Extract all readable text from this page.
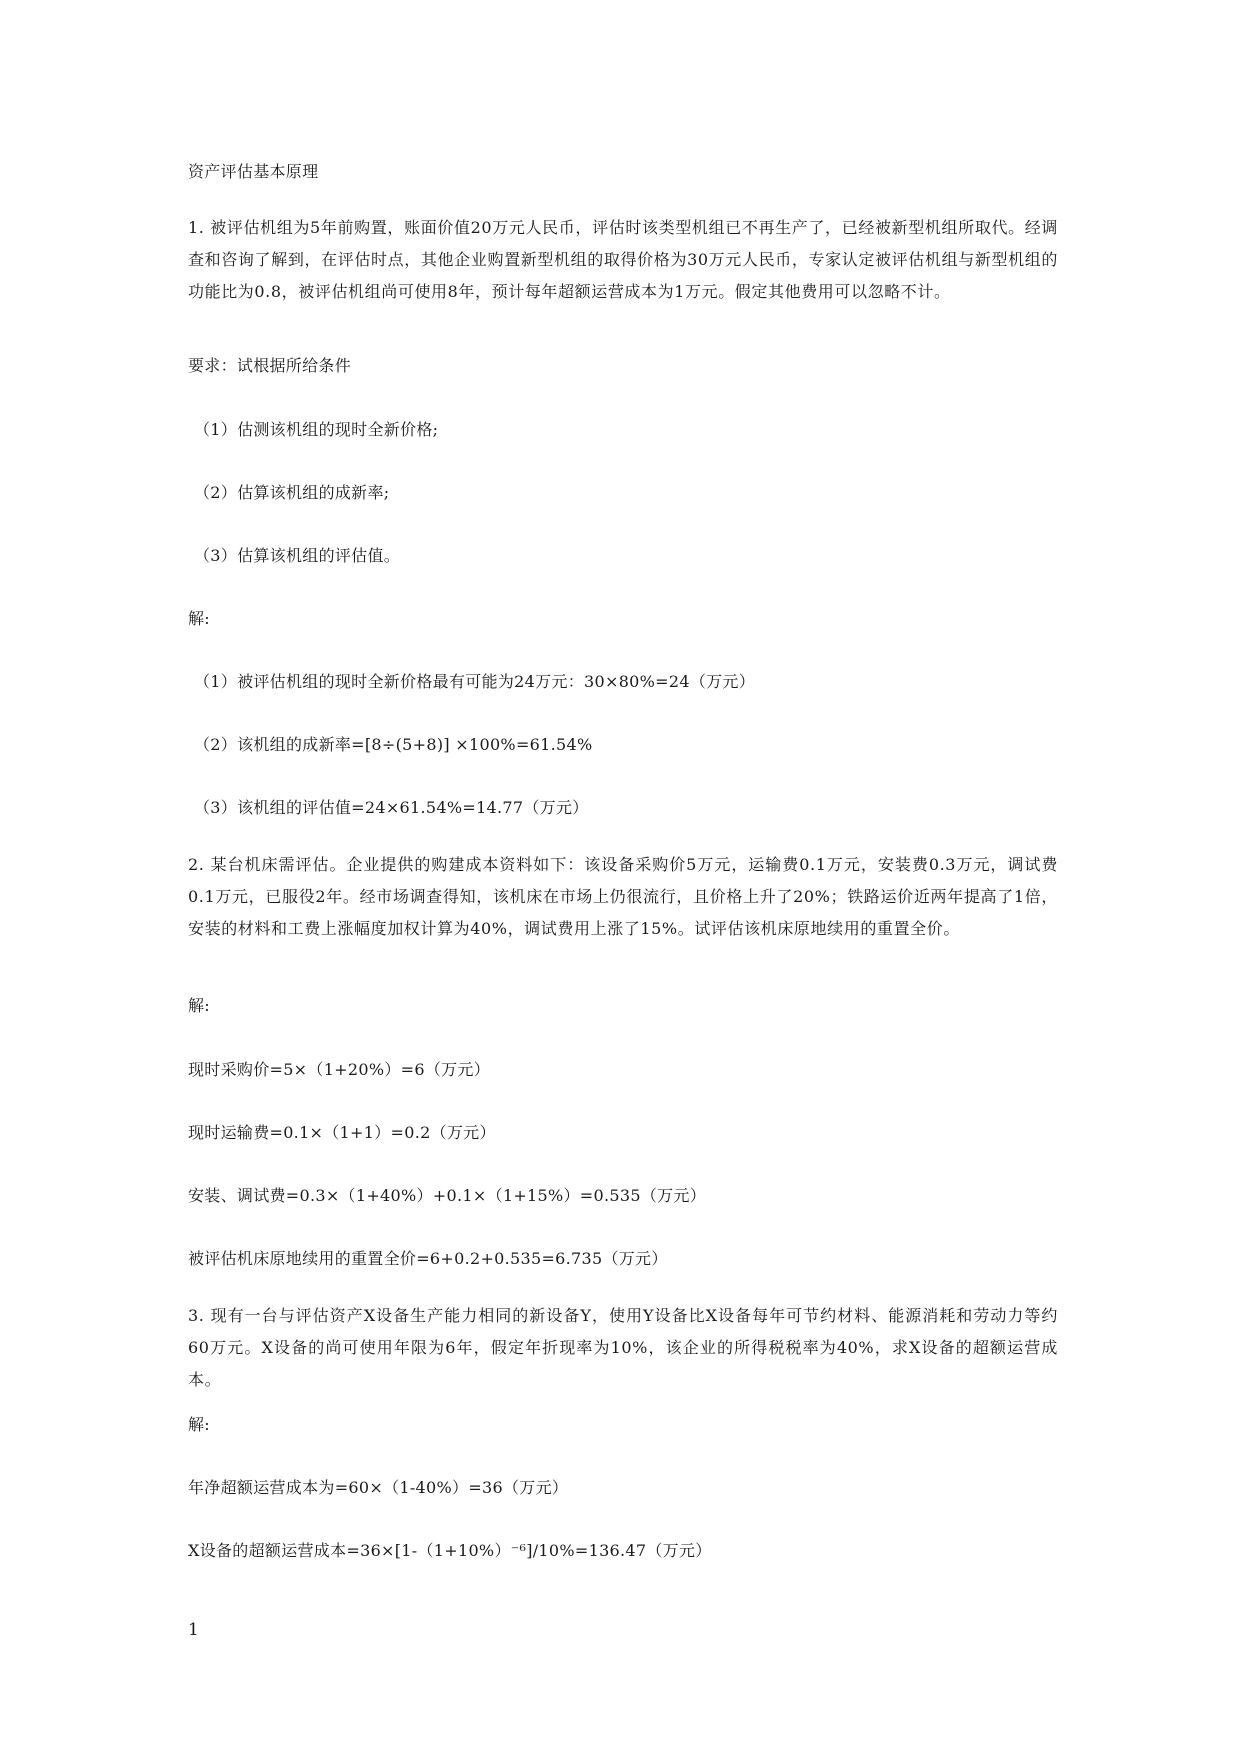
资产评估基本原理
1. 被评估机组为5年前购置，账面价值20万元人民币，评估时该类型机组已不再生产了，已经被新型机组所取代。经调查和咨询了解到，在评估时点，其他企业购置新型机组的取得价格为30万元人民币，专家认定被评估机组与新型机组的功能比为0.8，被评估机组尚可使用8年，预计每年超额运营成本为1万元。假定其他费用可以忽略不计。
要求：试根据所给条件
（1）估测该机组的现时全新价格;
（2）估算该机组的成新率;
（3）估算该机组的评估值。
解:
（1）被评估机组的现时全新价格最有可能为24万元：30×80%=24（万元）
（2）该机组的成新率=[8÷(5+8)] ×100%=61.54%
（3）该机组的评估值=24×61.54%=14.77（万元）
2. 某台机床需评估。企业提供的购建成本资料如下：该设备采购价5万元，运输费0.1万元，安装费0.3万元，调试费0.1万元，已服役2年。经市场调查得知，该机床在市场上仍很流行，且价格上升了20%；铁路运价近两年提高了1倍，安装的材料和工费上涨幅度加权计算为40%，调试费用上涨了15%。试评估该机床原地续用的重置全价。
解:
现时采购价=5×（1+20%）=6（万元）
现时运输费=0.1×（1+1）=0.2（万元）
安装、调试费=0.3×（1+40%）+0.1×（1+15%）=0.535（万元）
被评估机床原地续用的重置全价=6+0.2+0.535=6.735（万元）
3. 现有一台与评估资产X设备生产能力相同的新设备Y，使用Y设备比X设备每年可节约材料、能源消耗和劳动力等约60万元。X设备的尚可使用年限为6年，假定年折现率为10%，该企业的所得税税率为40%，求X设备的超额运营成本。
解:
年净超额运营成本为=60×（1-40%）=36（万元）
X设备的超额运营成本=36×[1-（1+10%）⁻⁶]/10%=136.47（万元）
1
